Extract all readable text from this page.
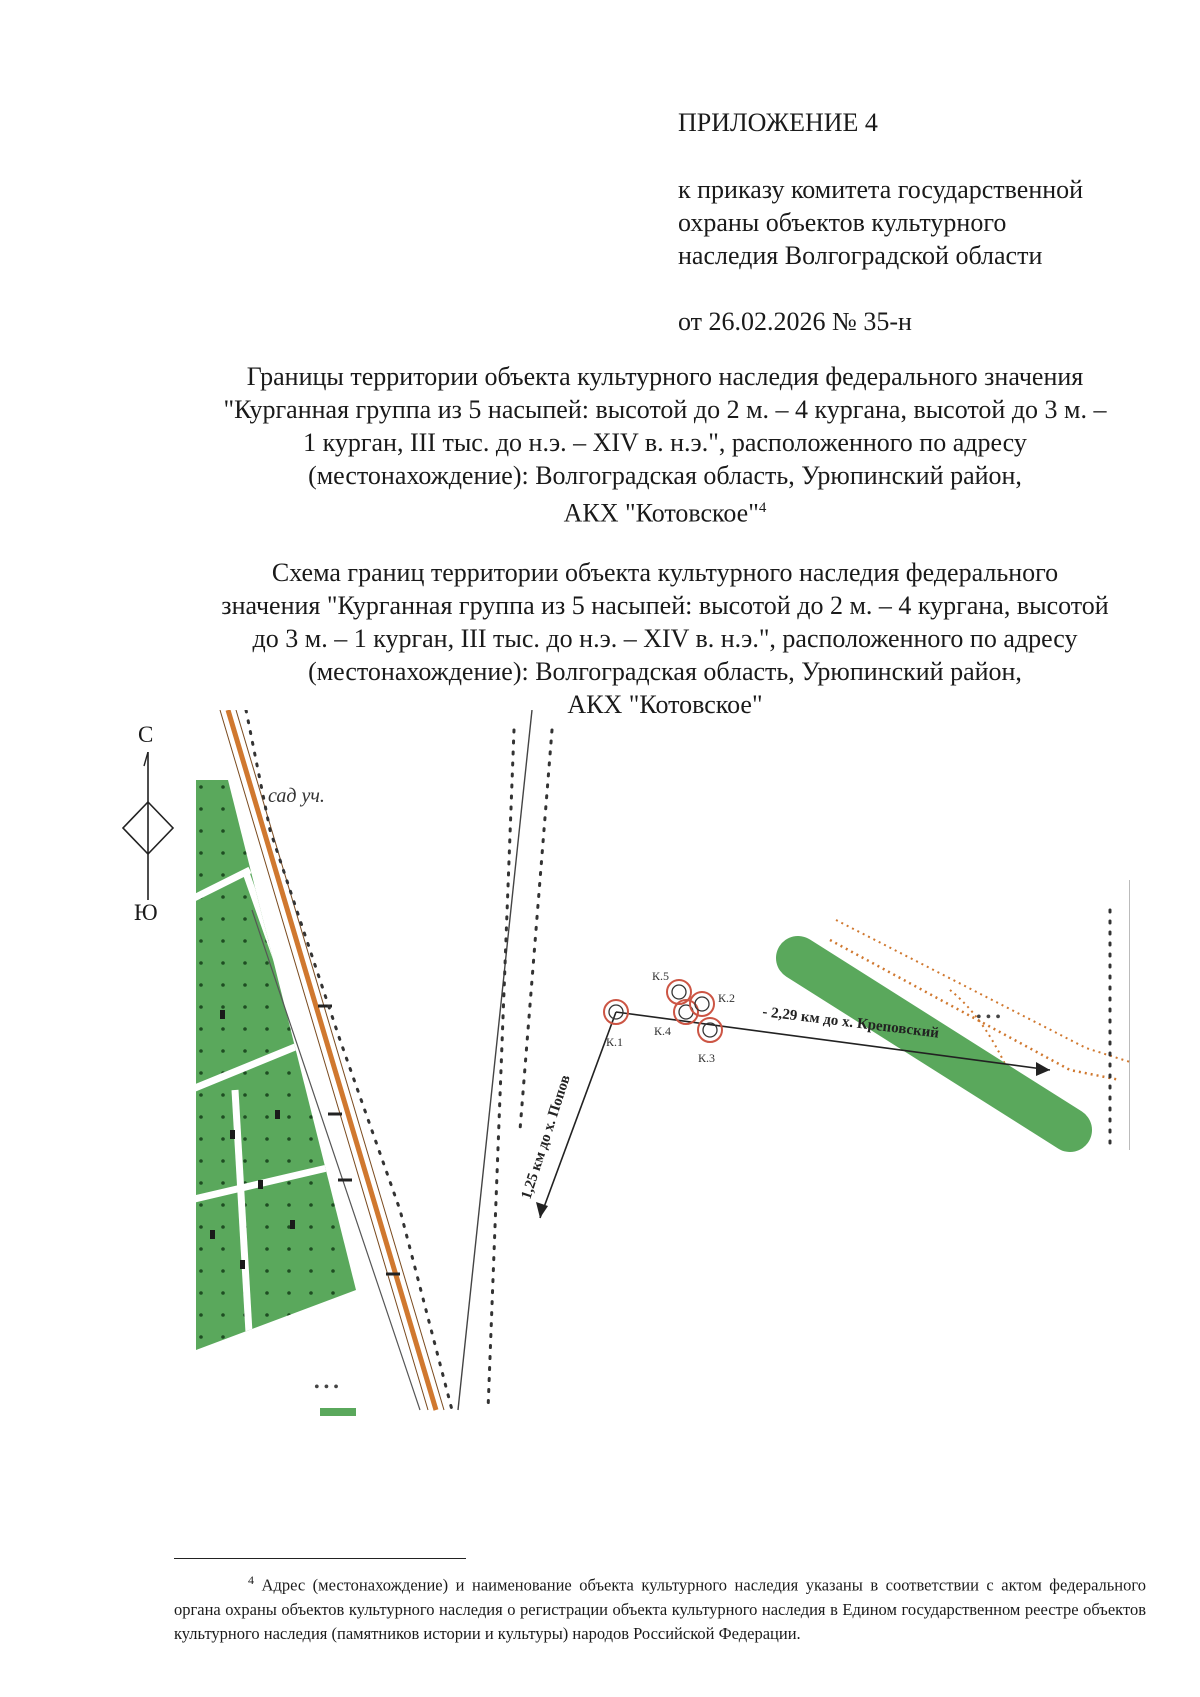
ПРИЛОЖЕНИЕ 4
к приказу комитета государственной
охраны объектов культурного
наследия Волгоградской области
от 26.02.2026 № 35-н
Границы территории объекта культурного наследия федерального значения
"Курганная группа из 5 насыпей: высотой до 2 м. – 4 кургана, высотой до 3 м. –
1 курган, III тыс. до н.э. – XIV в. н.э.", расположенного по адресу
(местонахождение): Волгоградская область, Урюпинский район,
АКХ "Котовское"$^4$
Схема границ территории объекта культурного наследия федерального
значения "Курганная группа из 5 насыпей: высотой до 2 м. – 4 кургана, высотой
до 3 м. – 1 курган, III тыс. до н.э. – XIV в. н.э.", расположенного по адресу
(местонахождение): Волгоградская область, Урюпинский район,
АКХ "Котовское"
С
Ю
сад уч.
• • •
• • •
1,25 км до х. Попов
- 2,29 км до х. Креповский
К.1
К.2
К.3
К.4
К.5
$^4$ Адрес (местонахождение) и наименование объекта культурного наследия указаны в соответствии с актом федерального органа охраны объектов культурного наследия о регистрации объекта культурного наследия в Едином государственном реестре объектов культурного наследия (памятников истории и культуры) народов Российской Федерации.
